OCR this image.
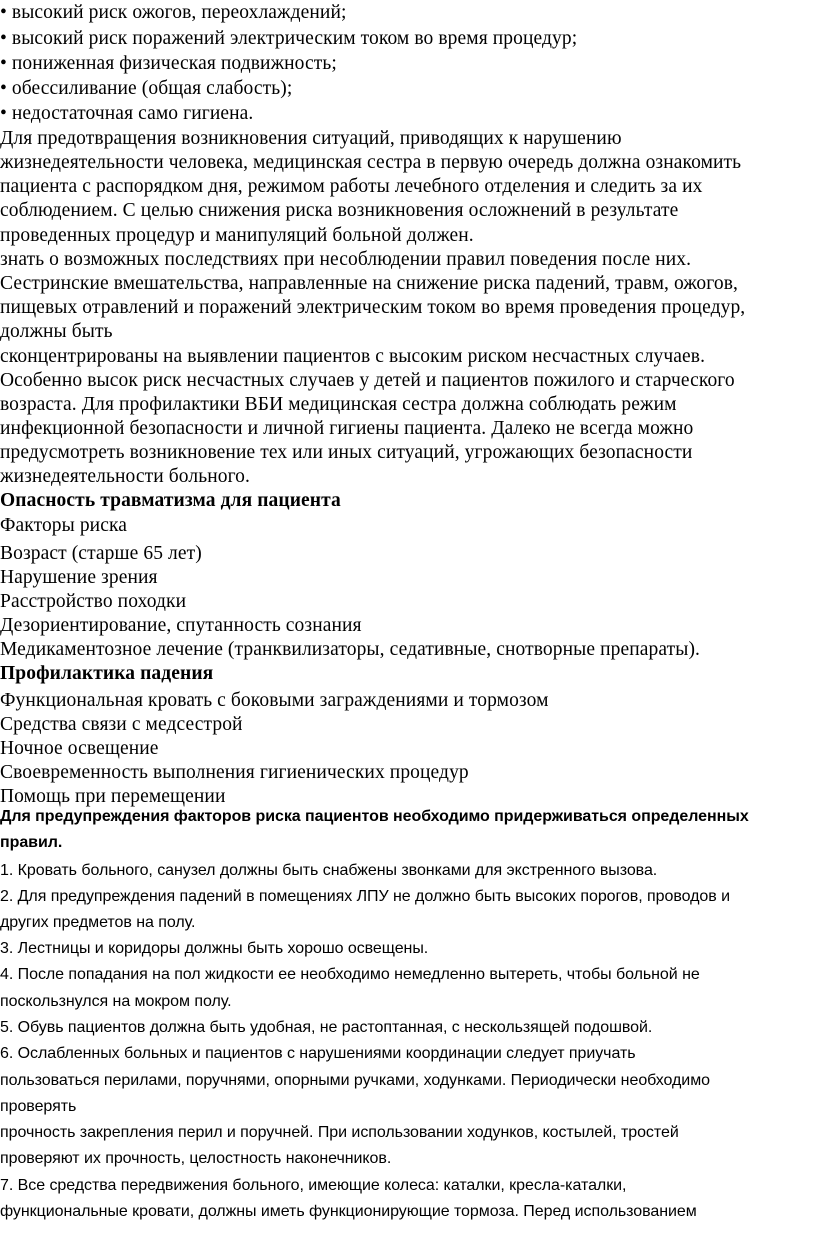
• высокий риск ожогов, переохлаждений;
• высокий риск поражений электрическим током во время процедур;
• пониженная физическая подвижность;
• обессиливание (общая слабость);
• недостаточная само гигиена.
Для предотвращения возникновения ситуаций, приводящих к нарушению
жизнедеятельности человека, медицинская сестра в первую очередь должна ознакомить
пациента с распорядком дня, режимом работы лечебного отделения и следить за их
соблюдением. С целью снижения риска возникновения осложнений в результате
проведенных процедур и манипуляций больной должен.
знать о возможных последствиях при несоблюдении правил поведения после них.
Сестринские вмешательства, направленные на снижение риска падений, травм, ожогов,
пищевых отравлений и поражений электрическим током во время проведения процедур,
должны быть
сконцентрированы на выявлении пациентов с высоким риском несчастных случаев.
Особенно высок риск несчастных случаев у детей и пациентов пожилого и старческого
возраста. Для профилактики ВБИ медицинская сестра должна соблюдать режим
инфекционной безопасности и личной гигиены пациента. Далеко не всегда можно
предусмотреть возникновение тех или иных ситуаций, угрожающих безопасности
жизнедеятельности больного.
Опасность травматизма для пациента
Факторы риска
Возраст (старше 65 лет)
Нарушение зрения
Расстройство походки
Дезориентирование, спутанность сознания
Медикаментозное лечение (транквилизаторы, седативные, снотворные препараты).
Профилактика падения
Функциональная кровать с боковыми заграждениями и тормозом
Средства связи с медсестрой
Ночное освещение
Своевременность выполнения гигиенических процедур
Помощь при перемещении
Для предупреждения факторов риска пациентов необходимо придерживаться определенных
правил.
1. Кровать больного, санузел должны быть снабжены звонками для экстренного вызова.
2. Для предупреждения падений в помещениях ЛПУ не должно быть высоких порогов, проводов и
других предметов на полу.
3. Лестницы и коридоры должны быть хорошо освещены.
4. После попадания на пол жидкости ее необходимо немедленно вытереть, чтобы больной не
поскользнулся на мокром полу.
5. Обувь пациентов должна быть удобная, не растоптанная, с нескользящей подошвой.
6. Ослабленных больных и пациентов с нарушениями координации следует приучать
пользоваться перилами, поручнями, опорными ручками, ходунками. Периодически необходимо
проверять
прочность закрепления перил и поручней. При использовании ходунков, костылей, тростей
проверяют их прочность, целостность наконечников.
7. Все средства передвижения больного, имеющие колеса: каталки, кресла-каталки,
функциональные кровати, должны иметь функционирующие тормоза. Перед использованием
